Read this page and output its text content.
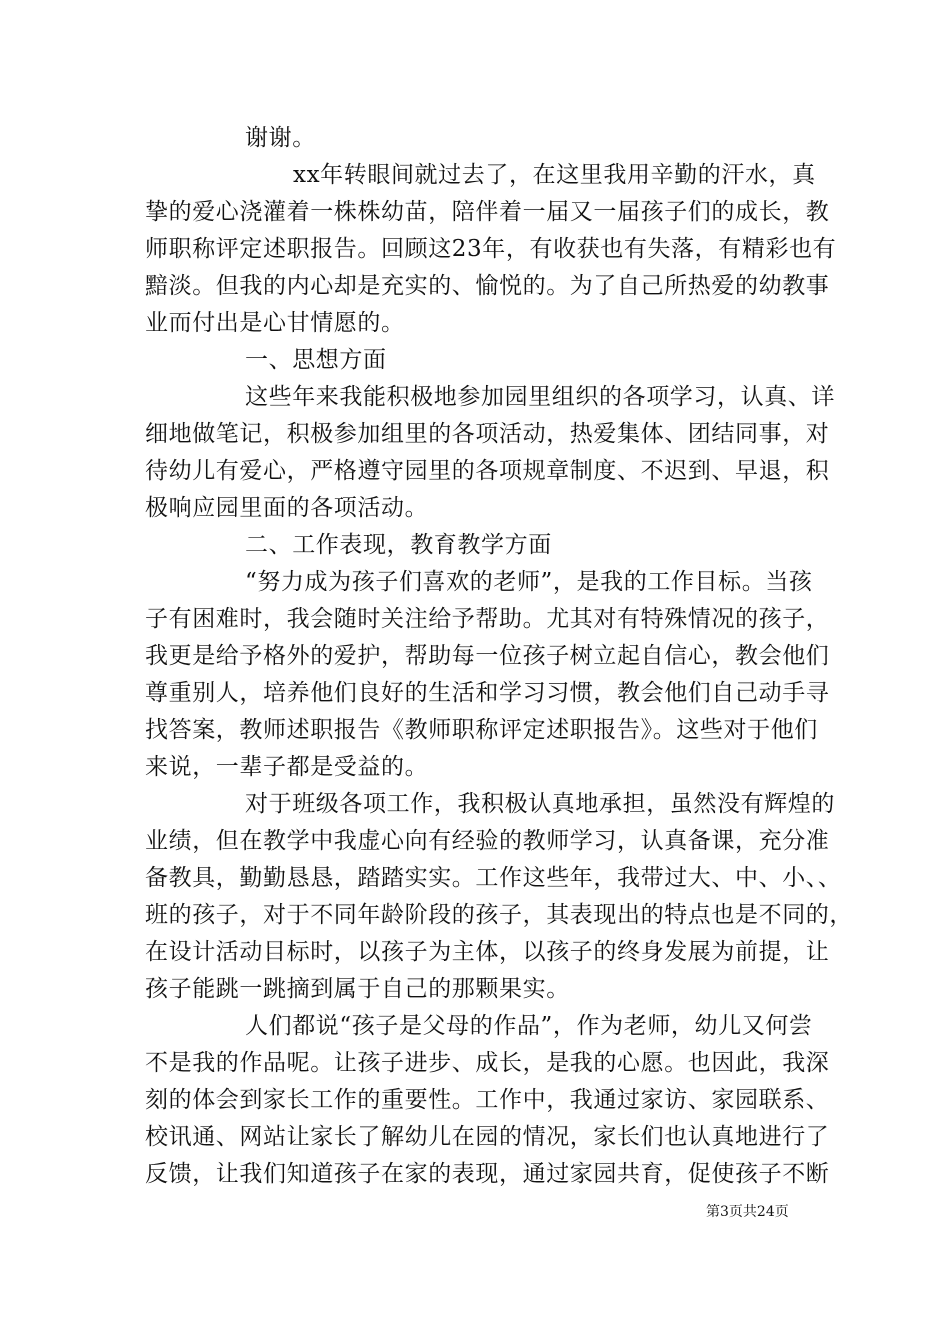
谢谢。
xx年转眼间就过去了，在这里我用辛勤的汗水，真
挚的爱心浇灌着一株株幼苗，陪伴着一届又一届孩子们的成长，教
师职称评定述职报告。回顾这23年，有收获也有失落，有精彩也有
黯淡。但我的内心却是充实的、愉悦的。为了自己所热爱的幼教事
业而付出是心甘情愿的。
一、思想方面
这些年来我能积极地参加园里组织的各项学习，认真、详
细地做笔记，积极参加组里的各项活动，热爱集体、团结同事，对
待幼儿有爱心，严格遵守园里的各项规章制度、不迟到、早退，积
极响应园里面的各项活动。
二、工作表现，教育教学方面
“努力成为孩子们喜欢的老师”，是我的工作目标。当孩
子有困难时，我会随时关注给予帮助。尤其对有特殊情况的孩子，
我更是给予格外的爱护，帮助每一位孩子树立起自信心，教会他们
尊重别人，培养他们良好的生活和学习习惯，教会他们自己动手寻
找答案，教师述职报告《教师职称评定述职报告》。这些对于他们
来说，一辈子都是受益的。
对于班级各项工作，我积极认真地承担，虽然没有辉煌的
业绩，但在教学中我虚心向有经验的教师学习，认真备课，充分准
备教具，勤勤恳恳，踏踏实实。工作这些年，我带过大、中、小、、
班的孩子，对于不同年龄阶段的孩子，其表现出的特点也是不同的，
在设计活动目标时，以孩子为主体，以孩子的终身发展为前提，让
孩子能跳一跳摘到属于自己的那颗果实。
人们都说“孩子是父母的作品”，作为老师，幼儿又何尝
不是我的作品呢。让孩子进步、成长，是我的心愿。也因此，我深
刻的体会到家长工作的重要性。工作中，我通过家访、家园联系、
校讯通、网站让家长了解幼儿在园的情况，家长们也认真地进行了
反馈，让我们知道孩子在家的表现，通过家园共育，促使孩子不断
第3页共24页
